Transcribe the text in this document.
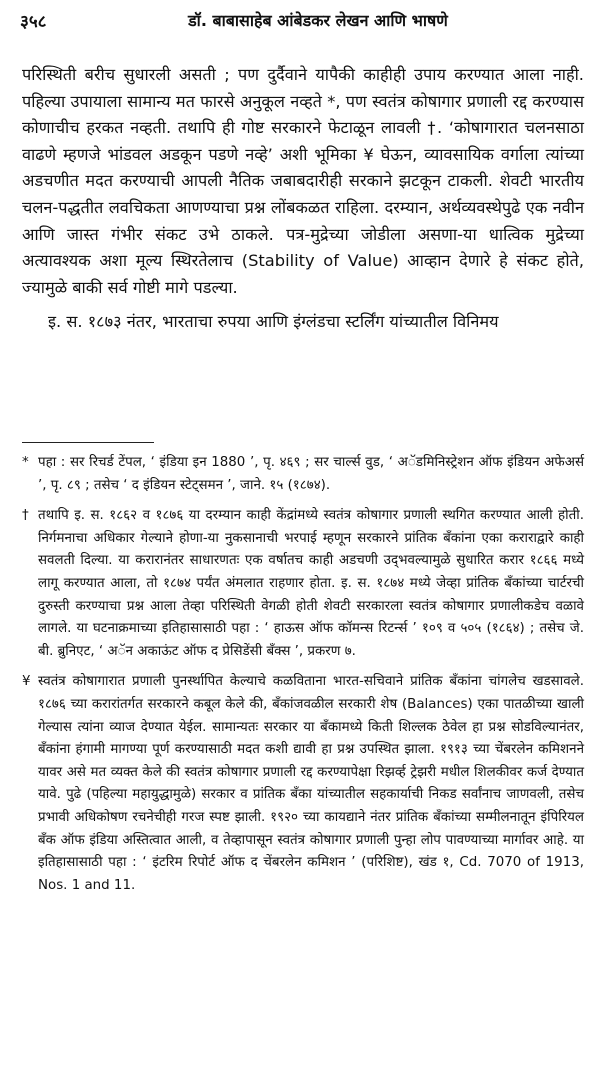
३५८	डॉ. बाबासाहेब आंबेडकर लेखन आणि भाषणे

परिस्थिती बरीच सुधारली असती ; पण दुर्दैवाने यापैकी काहीही उपाय करण्यात आला नाही. पहिल्या उपायाला सामान्य मत फारसे अनुकूल नव्हते *, पण स्वतंत्र कोषागार प्रणाली रद्द करण्यास कोणाचीच हरकत नव्हती. तथापि ही गोष्ट सरकारने फेटाळून लावली †. ‘कोषागारात चलनसाठा वाढणे म्हणजे भांडवल अडकून पडणे नव्हे’ अशी भूमिका ¥ घेऊन, व्यावसायिक वर्गाला त्यांच्या अडचणीत मदत करण्याची आपली नैतिक जबाबदारीही सरकाने झटकून टाकली. शेवटी भारतीय चलन-पद्धतीत लवचिकता आणण्याचा प्रश्न लोंबकळत राहिला. दरम्यान, अर्थव्यवस्थेपुढे एक नवीन आणि जास्त गंभीर संकट उभे ठाकले. पत्र-मुद्रेच्या जोडीला असणा-या धात्विक मुद्रेच्या अत्यावश्यक अशा मूल्य स्थिरतेलाच (Stability of Value) आव्हान देणारे हे संकट होते, ज्यामुळे बाकी सर्व गोष्टी मागे पडल्या.

इ. स. १८७३ नंतर, भारताचा रुपया आणि इंग्लंडचा स्टर्लिंग यांच्यातील विनिमय

* पहा : सर रिचर्ड टेंपल, ‘ इंडिया इन 1880 ’, पृ. ४६९ ; सर चार्ल्स वुड, ‘ अॅडमिनिस्ट्रेशन ऑफ इंडियन अफेअर्स ’, पृ. ८९ ; तसेच ‘ द इंडियन स्टेट्समन ’, जाने. १५ (१८७४).

† तथापि इ. स. १८६२ व १८७६ या दरम्यान काही केंद्रांमध्ये स्वतंत्र कोषागार प्रणाली स्थगित करण्यात आली होती. निर्गमनाचा अधिकार गेल्याने होणा-या नुकसानाची भरपाई म्हणून सरकारने प्रांतिक बँकांना एका कराराद्वारे काही सवलती दिल्या. या करारानंतर साधारणतः एक वर्षातच काही अडचणी उद्‌भवल्यामुळे सुधारित करार १८६६ मध्ये लागू करण्यात आला, तो १८७४ पर्यंत अंमलात राहणार होता. इ. स. १८७४ मध्ये जेव्हा प्रांतिक बँकांच्या चार्टरची दुरुस्ती करण्याचा प्रश्न आला तेव्हा परिस्थिती वेगळी होती शेवटी सरकारला स्वतंत्र कोषागार प्रणालीकडेच वळावे लागले. या घटनाक्रमाच्या इतिहासासाठी पहा : ‘ हाऊस ऑफ कॉमन्स रिटर्न्स ’ १०९ व ५०५ (१८६४) ; तसेच जे. बी. ब्रुनिएट, ‘ अॅन अकाऊंट ऑफ द प्रेसिडेंसी बँक्स ’, प्रकरण ७.

¥ स्वतंत्र कोषागारात प्रणाली पुनर्स्थापित केल्याचे कळविताना भारत-सचिवाने प्रांतिक बँकांना चांगलेच खडसावले. १८७६ च्या करारांतर्गत सरकारने कबूल केले की, बँकांजवळील सरकारी शेष (Balances) एका पातळीच्या खाली गेल्यास त्यांना व्याज देण्यात येईल. सामान्यतः सरकार या बँकामध्ये किती शिल्लक ठेवेल हा प्रश्न सोडविल्यानंतर, बँकांना हंगामी मागण्या पूर्ण करण्यासाठी मदत कशी द्यावी हा प्रश्न उपस्थित झाला. १९१३ च्या चेंबरलेन कमिशनने यावर असे मत व्यक्त केले की स्वतंत्र कोषागार प्रणाली रद्द करण्यापेक्षा रिझर्व्ह ट्रेझरी मधील शिलकीवर कर्ज देण्यात यावे. पुढे (पहिल्या महायुद्धामुळे) सरकार व प्रांतिक बँका यांच्यातील सहकार्याची निकड सर्वांनाच जाणवली, तसेच प्रभावी अधिकोषण रचनेचीही गरज स्पष्ट झाली. १९२० च्या कायद्याने नंतर प्रांतिक बँकांच्या सम्मीलनातून इंपिरियल बँक ऑफ इंडिया अस्तित्वात आली, व तेव्हापासून स्वतंत्र कोषागार प्रणाली पुन्हा लोप पावण्याच्या मार्गावर आहे. या इतिहासासाठी पहा : ‘ इंटरिम रिपोर्ट ऑफ द चेंबरलेन कमिशन ’ (परिशिष्ट), खंड १, Cd. 7070 of 1913, Nos. 1 and 11.
